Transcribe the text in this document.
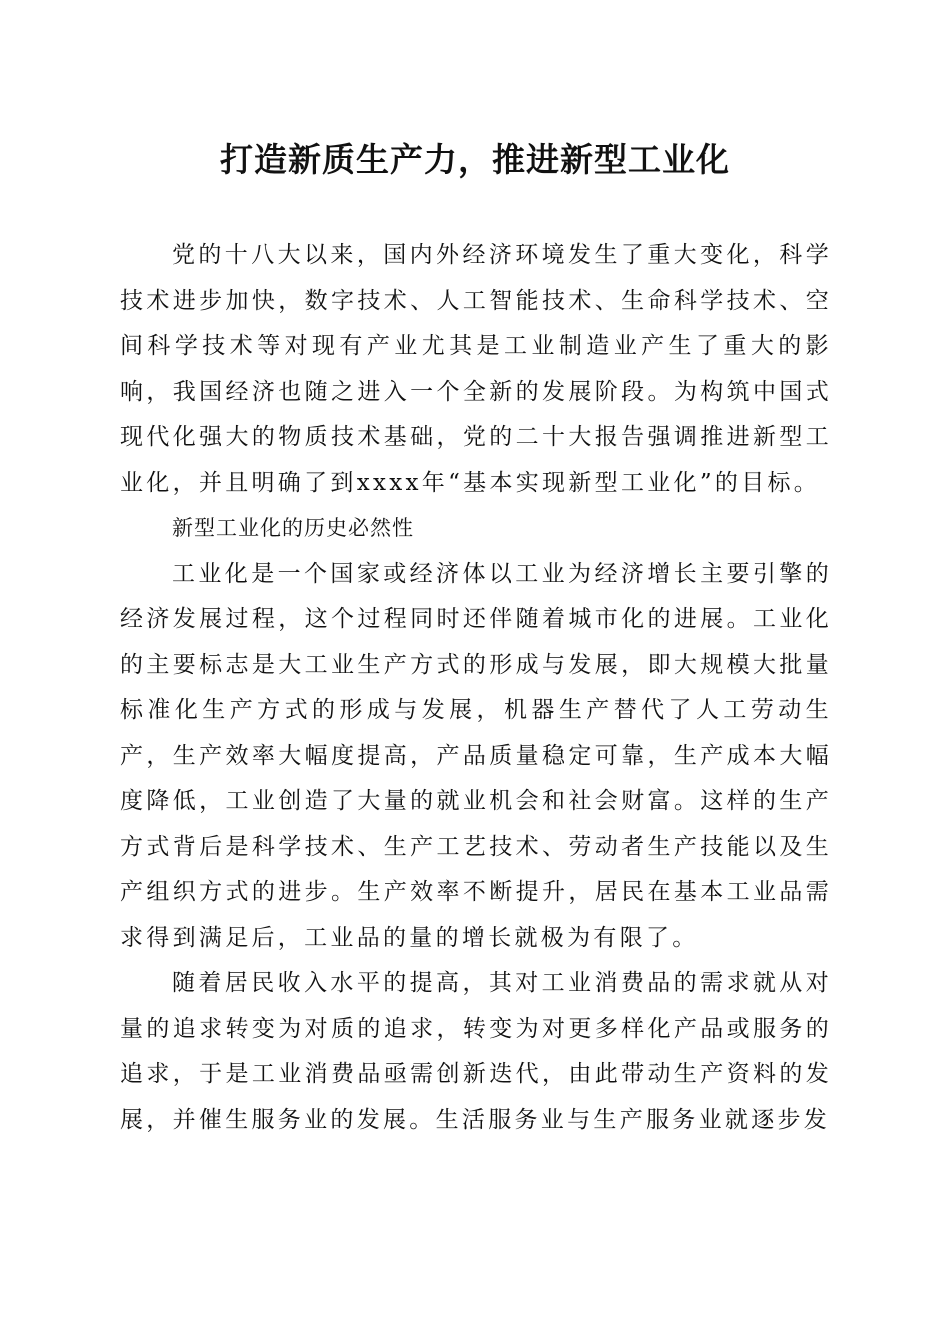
打造新质生产力，推进新型工业化

党的十八大以来，国内外经济环境发生了重大变化，科学技术进步加快，数字技术、人工智能技术、生命科学技术、空间科学技术等对现有产业尤其是工业制造业产生了重大的影响，我国经济也随之进入一个全新的发展阶段。为构筑中国式现代化强大的物质技术基础，党的二十大报告强调推进新型工业化，并且明确了到xxxx年“基本实现新型工业化”的目标。

新型工业化的历史必然性

工业化是一个国家或经济体以工业为经济增长主要引擎的经济发展过程，这个过程同时还伴随着城市化的进展。工业化的主要标志是大工业生产方式的形成与发展，即大规模大批量标准化生产方式的形成与发展，机器生产替代了人工劳动生产，生产效率大幅度提高，产品质量稳定可靠，生产成本大幅度降低，工业创造了大量的就业机会和社会财富。这样的生产方式背后是科学技术、生产工艺技术、劳动者生产技能以及生产组织方式的进步。生产效率不断提升，居民在基本工业品需求得到满足后，工业品的量的增长就极为有限了。

随着居民收入水平的提高，其对工业消费品的需求就从对量的追求转变为对质的追求，转变为对更多样化产品或服务的追求，于是工业消费品亟需创新迭代，由此带动生产资料的发展，并催生服务业的发展。生活服务业与生产服务业就逐步发
